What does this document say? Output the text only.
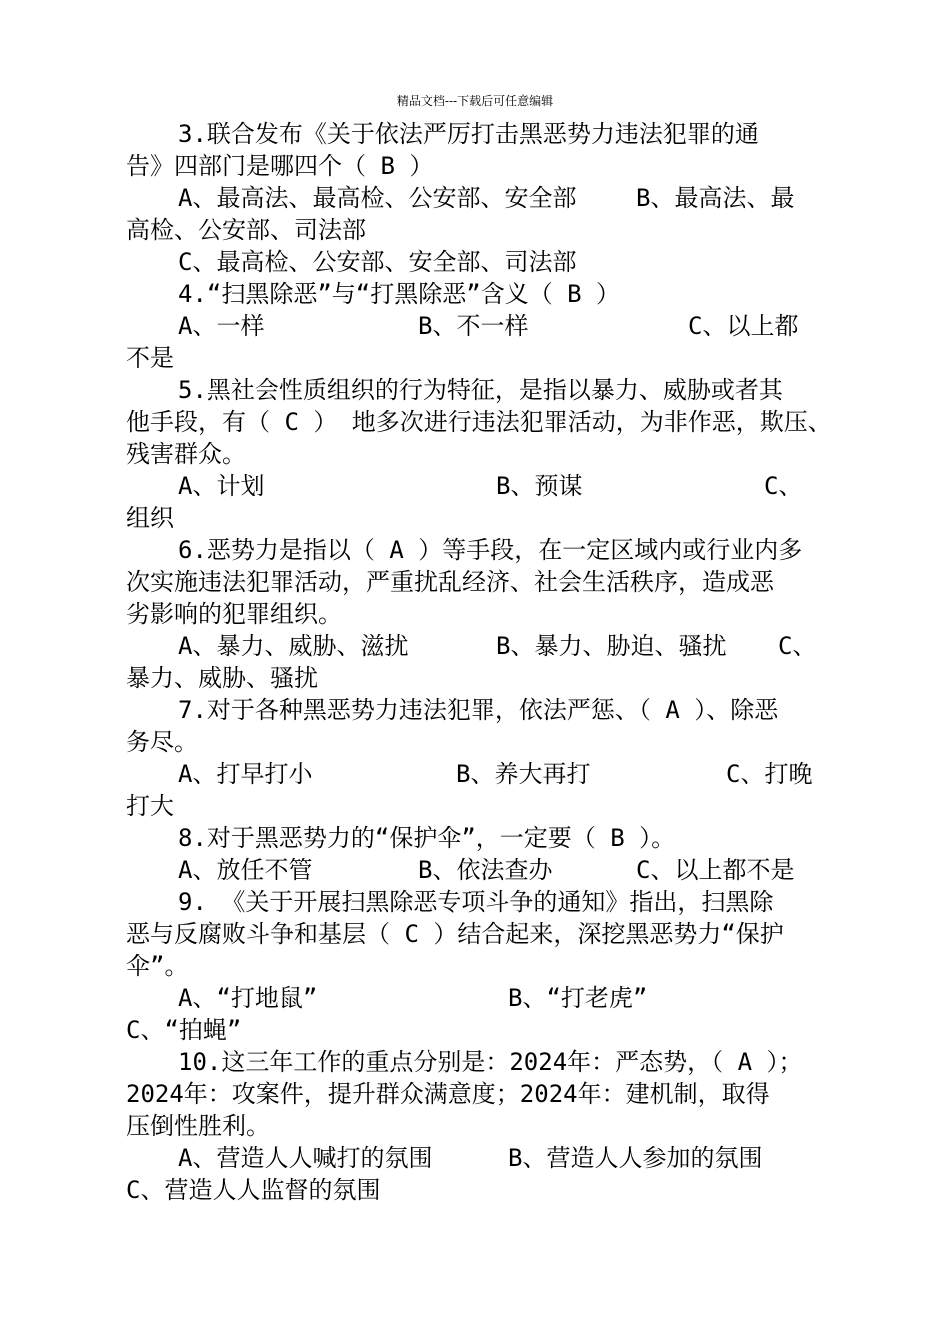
精品文档---下载后可任意编辑
3.联合发布《关于依法严厉打击黑恶势力违法犯罪的通
告》四部门是哪四个（ B ）
A、最高法、最高检、公安部、安全部 B、最高法、最
高检、公安部、司法部
C、最高检、公安部、安全部、司法部
4.“扫黑除恶”与“打黑除恶”含义（ B ）
A、一样	B、不一样	C、以上都
不是
5.黑社会性质组织的行为特征，是指以暴力、威胁或者其
他手段，有（ C ） 地多次进行违法犯罪活动，为非作恶，欺压、
残害群众。
A、计划	B、预谋	C、
组织
6.恶势力是指以（ A ）等手段，在一定区域内或行业内多
次实施违法犯罪活动，严重扰乱经济、社会生活秩序，造成恶
劣影响的犯罪组织。
A、暴力、威胁、滋扰	B、暴力、胁迫、骚扰 C、
暴力、威胁、骚扰
7.对于各种黑恶势力违法犯罪，依法严惩、（ A ）、除恶
务尽。
A、打早打小	B、养大再打	C、打晚
打大
8.对于黑恶势力的“保护伞”，一定要（ B ）。
A、放任不管	B、依法查办	C、以上都不是
9. 《关于开展扫黑除恶专项斗争的通知》指出，扫黑除
恶与反腐败斗争和基层（ C ）结合起来，深挖黑恶势力“保护
伞”。
A、“打地鼠”	B、“打老虎”
C、“拍蝇”
10.这三年工作的重点分别是：2024年：严态势，（ A ）；
2024年：攻案件，提升群众满意度；2024年：建机制，取得
压倒性胜利。
A、营造人人喊打的氛围	B、营造人人参加的氛围
C、营造人人监督的氛围
